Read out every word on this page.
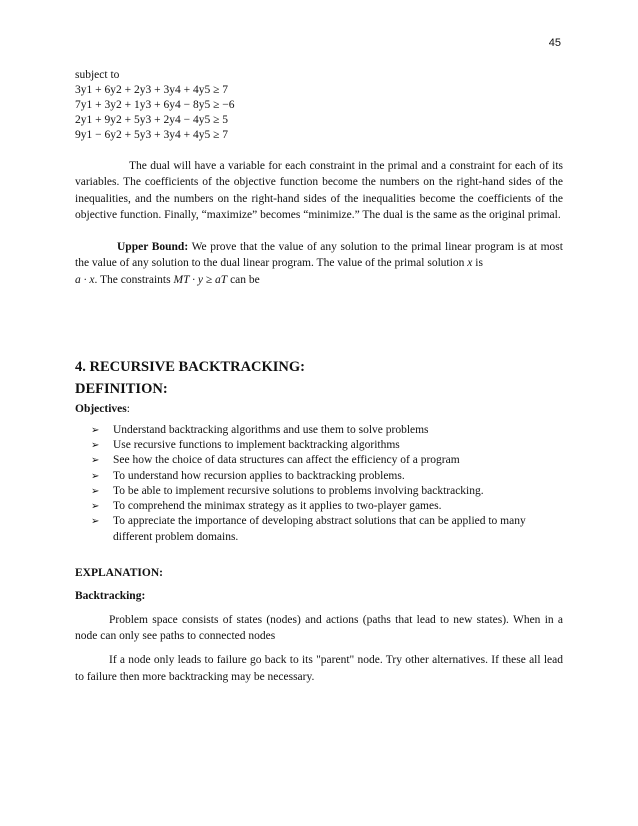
45
subject to
3y1 + 6y2 + 2y3 + 3y4 + 4y5 ≥ 7
7y1 + 3y2 + 1y3 + 6y4 − 8y5 ≥ −6
2y1 + 9y2 + 5y3 + 2y4 − 4y5 ≥ 5
9y1 − 6y2 + 5y3 + 3y4 + 4y5 ≥ 7

The dual will have a variable for each constraint in the primal and a constraint for each of its variables. The coefficients of the objective function become the numbers on the right-hand sides of the inequalities, and the numbers on the right-hand sides of the inequalities become the coefficients of the objective function. Finally, “maximize” becomes “minimize.” The dual is the same as the original primal.

Upper Bound: We prove that the value of any solution to the primal linear program is at most the value of any solution to the dual linear program. The value of the primal solution x is
a · x. The constraints MT · y ≥ aT can be

4. RECURSIVE BACKTRACKING:
DEFINITION:
Objectives:
➢ Understand backtracking algorithms and use them to solve problems
➢ Use recursive functions to implement backtracking algorithms
➢ See how the choice of data structures can affect the efficiency of a program
➢ To understand how recursion applies to backtracking problems.
➢ To be able to implement recursive solutions to problems involving backtracking.
➢ To comprehend the minimax strategy as it applies to two-player games.
➢ To appreciate the importance of developing abstract solutions that can be applied to many different problem domains.
EXPLANATION:
Backtracking:

Problem space consists of states (nodes) and actions (paths that lead to new states). When in a node can only see paths to connected nodes

If a node only leads to failure go back to its "parent" node. Try other alternatives. If these all lead to failure then more backtracking may be necessary.
